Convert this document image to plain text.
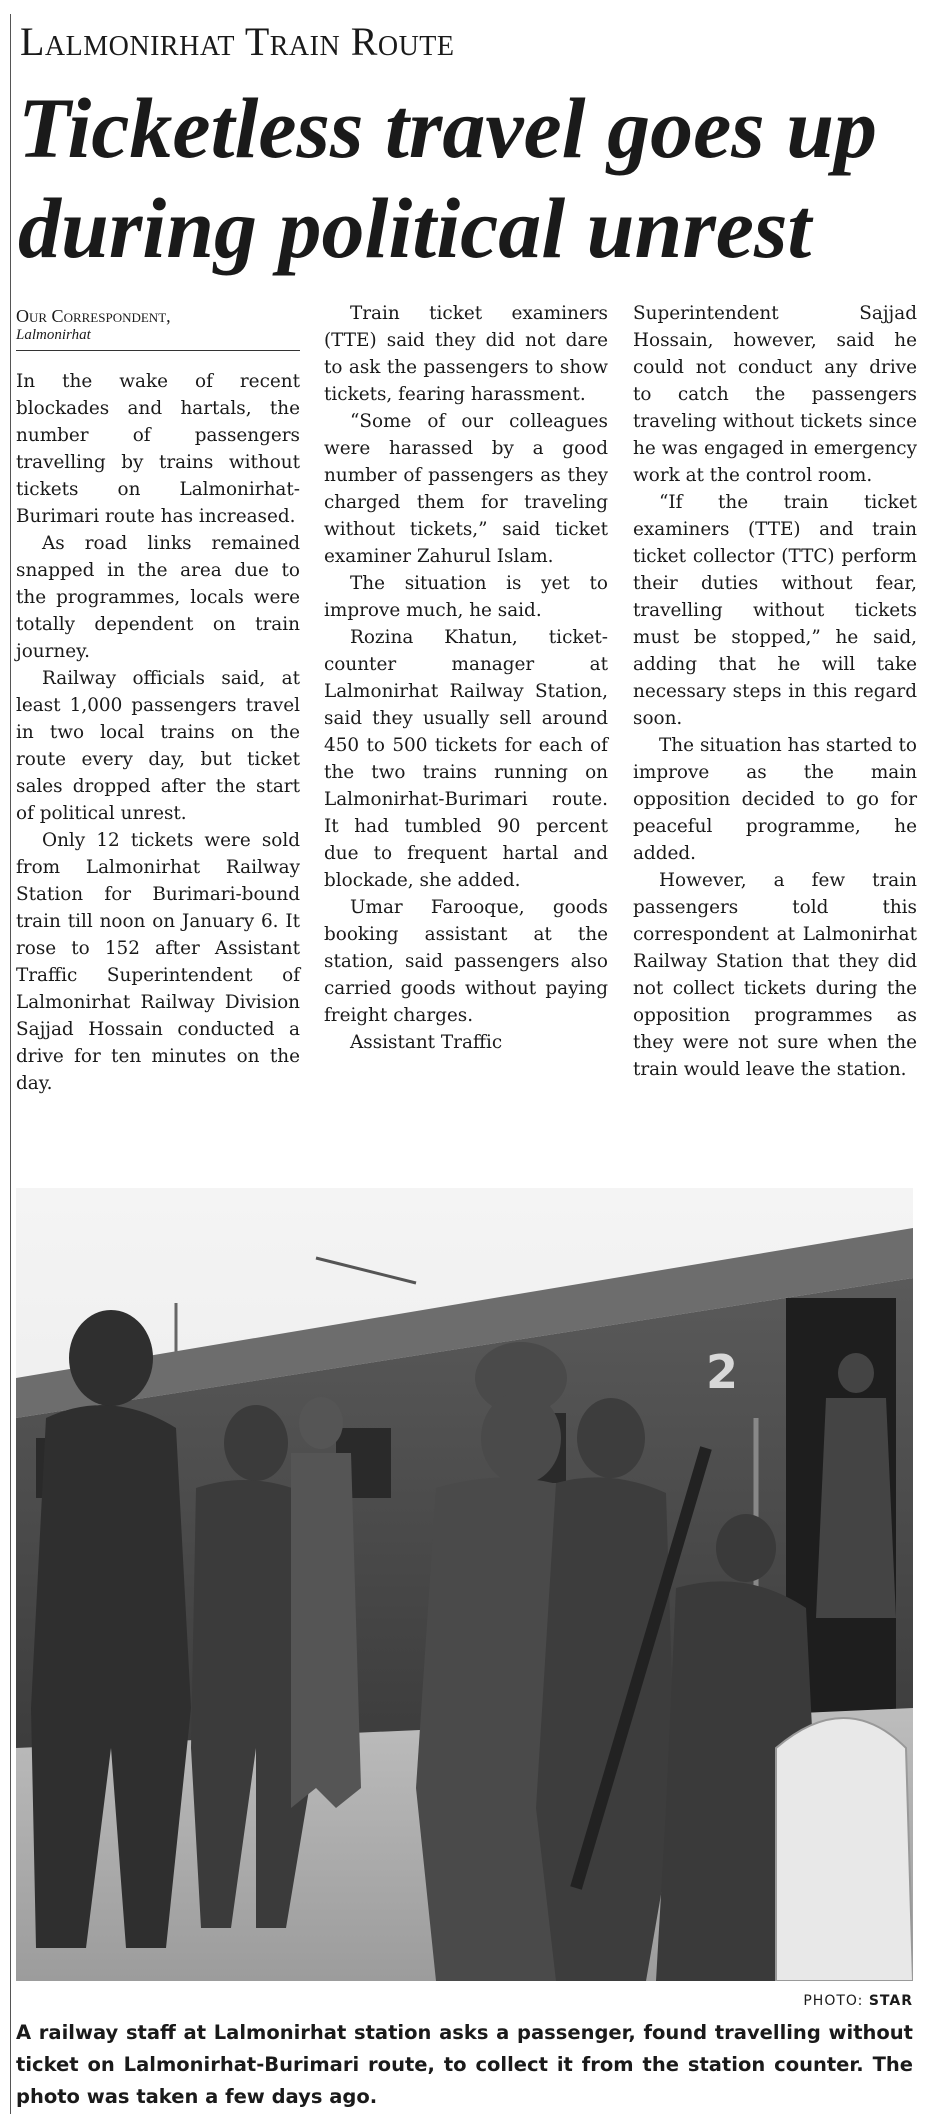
Lalmonirhat Train Route
Ticketless travel goes up during political unrest
Our Correspondent,
Lalmonirhat

In the wake of recent blockades and hartals, the number of passengers travelling by trains without tickets on Lalmonirhat-Burimari route has increased.

As road links remained snapped in the area due to the programmes, locals were totally dependent on train journey.

Railway officials said, at least 1,000 passengers travel in two local trains on the route every day, but ticket sales dropped after the start of political unrest.

Only 12 tickets were sold from Lalmonirhat Railway Station for Burimari-bound train till noon on January 6. It rose to 152 after Assistant Traffic Superintendent of Lalmonirhat Railway Division Sajjad Hossain conducted a drive for ten minutes on the day.

Train ticket examiners (TTE) said they did not dare to ask the passengers to show tickets, fearing harassment.

“Some of our colleagues were harassed by a good number of passengers as they charged them for traveling without tickets,” said ticket examiner Zahurul Islam.

The situation is yet to improve much, he said.

Rozina Khatun, ticket-counter manager at Lalmonirhat Railway Station, said they usually sell around 450 to 500 tickets for each of the two trains running on Lalmonirhat-Burimari route. It had tumbled 90 percent due to frequent hartal and blockade, she added.

Umar Farooque, goods booking assistant at the station, said passengers also carried goods without paying freight charges.

Assistant Traffic

Superintendent Sajjad Hossain, however, said he could not conduct any drive to catch the passengers traveling without tickets since he was engaged in emergency work at the control room.

“If the train ticket examiners (TTE) and train ticket collector (TTC) perform their duties without fear, travelling without tickets must be stopped,” he said, adding that he will take necessary steps in this regard soon.

The situation has started to improve as the main opposition decided to go for peaceful programme, he added.

However, a few train passengers told this correspondent at Lalmonirhat Railway Station that they did not collect tickets during the opposition programmes as they were not sure when the train would leave the station.

2
PHOTO: STAR
A railway staff at Lalmonirhat station asks a passenger, found travelling without ticket on Lalmonirhat-Burimari route, to collect it from the station counter. The photo was taken a few days ago.
